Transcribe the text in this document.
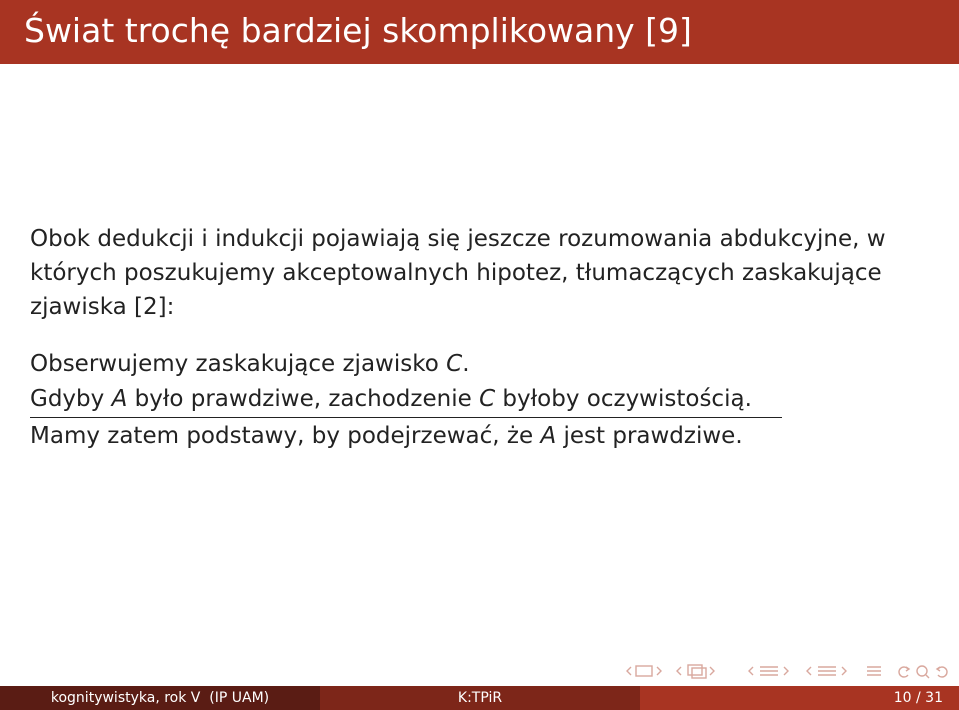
Świat trochę bardziej skomplikowany [9]

Obok dedukcji i indukcji pojawiają się jeszcze rozumowania abdukcyjne, w

których poszukujemy akceptowalnych hipotez, tłumaczących zaskakujące

zjawiska [2]:

Obserwujemy zaskakujące zjawisko C.
Gdyby A było prawdziwe, zachodzenie C byłoby oczywistością.
Mamy zatem podstawy, by podejrzewać, że A jest prawdziwe.
kognitywistyka, rok V  (IP UAM)	K:TPiR	10 / 31
